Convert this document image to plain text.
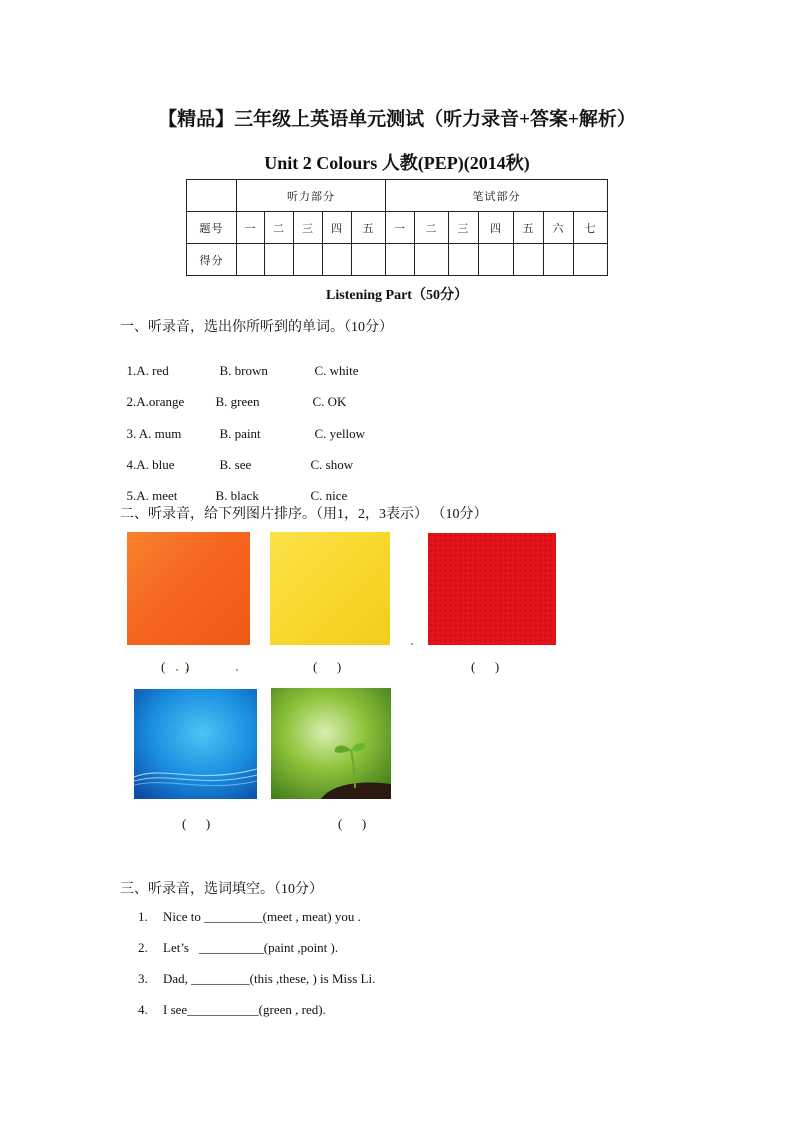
【精品】三年级上英语单元测试（听力录音+答案+解析）
Unit 2 Colours 人教(PEP)(2014秋)
	听力部分					笔试部分						
题号	一	二	三	四	五	一	二	三	四	五	六	七
得分												
Listening Part（50分）
一、听录音，选出你所听到的单词。（10分）

1.A. red	B. brown	C. white

2.A.orange B. green	C. OK

3. A. mum	B. paint	C. yellow

4.A. blue	B. see	C. show

5.A. meet	B. black	C. nice

二、听录音，给下列图片排序。（用1，2，3表示） （10分）
(      )	(      )	(      )
(      )	(      )
三、听录音，选词填空。（10分）
1. Nice to _________(meet , meat) you .
2. Let’s   __________(paint ,point ).
3. Dad, _________(this ,these, ) is Miss Li.
4. I see___________(green , red).
